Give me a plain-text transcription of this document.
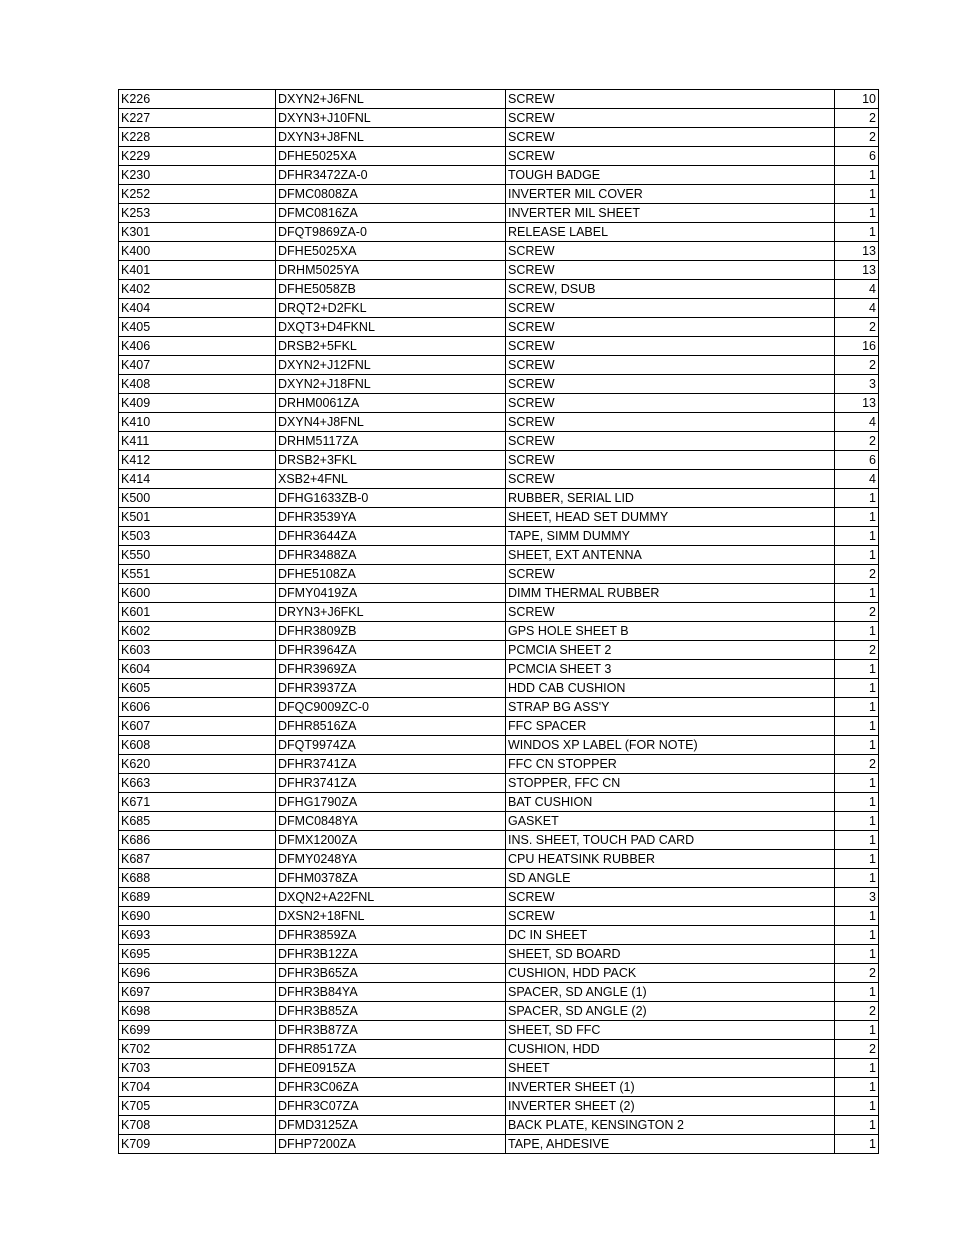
K226	DXYN2+J6FNL	SCREW	10
K227	DXYN3+J10FNL	SCREW	2
K228	DXYN3+J8FNL	SCREW	2
K229	DFHE5025XA	SCREW	6
K230	DFHR3472ZA-0	TOUGH BADGE	1
K252	DFMC0808ZA	INVERTER MIL COVER	1
K253	DFMC0816ZA	INVERTER MIL SHEET	1
K301	DFQT9869ZA-0	RELEASE LABEL	1
K400	DFHE5025XA	SCREW	13
K401	DRHM5025YA	SCREW	13
K402	DFHE5058ZB	SCREW, DSUB	4
K404	DRQT2+D2FKL	SCREW	4
K405	DXQT3+D4FKNL	SCREW	2
K406	DRSB2+5FKL	SCREW	16
K407	DXYN2+J12FNL	SCREW	2
K408	DXYN2+J18FNL	SCREW	3
K409	DRHM0061ZA	SCREW	13
K410	DXYN4+J8FNL	SCREW	4
K411	DRHM5117ZA	SCREW	2
K412	DRSB2+3FKL	SCREW	6
K414	XSB2+4FNL	SCREW	4
K500	DFHG1633ZB-0	RUBBER, SERIAL LID	1
K501	DFHR3539YA	SHEET, HEAD SET DUMMY	1
K503	DFHR3644ZA	TAPE, SIMM DUMMY	1
K550	DFHR3488ZA	SHEET, EXT ANTENNA	1
K551	DFHE5108ZA	SCREW	2
K600	DFMY0419ZA	DIMM THERMAL RUBBER	1
K601	DRYN3+J6FKL	SCREW	2
K602	DFHR3809ZB	GPS HOLE SHEET B	1
K603	DFHR3964ZA	PCMCIA SHEET 2	2
K604	DFHR3969ZA	PCMCIA SHEET 3	1
K605	DFHR3937ZA	HDD CAB CUSHION	1
K606	DFQC9009ZC-0	STRAP BG ASS'Y	1
K607	DFHR8516ZA	FFC SPACER	1
K608	DFQT9974ZA	WINDOS XP LABEL (FOR NOTE)	1
K620	DFHR3741ZA	FFC CN STOPPER	2
K663	DFHR3741ZA	STOPPER, FFC CN	1
K671	DFHG1790ZA	BAT CUSHION	1
K685	DFMC0848YA	GASKET	1
K686	DFMX1200ZA	INS. SHEET, TOUCH PAD CARD	1
K687	DFMY0248YA	CPU HEATSINK RUBBER	1
K688	DFHM0378ZA	SD ANGLE	1
K689	DXQN2+A22FNL	SCREW	3
K690	DXSN2+18FNL	SCREW	1
K693	DFHR3859ZA	DC IN SHEET	1
K695	DFHR3B12ZA	SHEET, SD BOARD	1
K696	DFHR3B65ZA	CUSHION, HDD PACK	2
K697	DFHR3B84YA	SPACER, SD ANGLE (1)	1
K698	DFHR3B85ZA	SPACER, SD ANGLE (2)	2
K699	DFHR3B87ZA	SHEET, SD FFC	1
K702	DFHR8517ZA	CUSHION, HDD	2
K703	DFHE0915ZA	SHEET	1
K704	DFHR3C06ZA	INVERTER SHEET (1)	1
K705	DFHR3C07ZA	INVERTER SHEET (2)	1
K708	DFMD3125ZA	BACK PLATE, KENSINGTON 2	1
K709	DFHP7200ZA	TAPE, AHDESIVE	1
